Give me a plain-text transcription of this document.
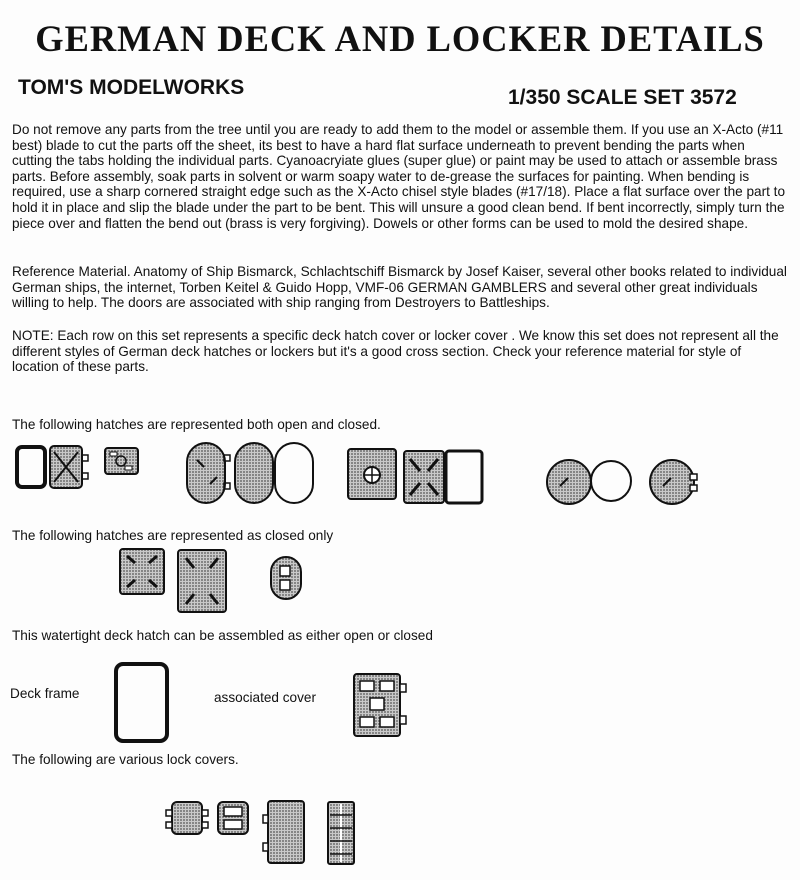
GERMAN DECK AND LOCKER DETAILS
TOM'S MODELWORKS	1/350 SCALE SET 3572
Do not remove any parts from the tree until you are ready to add them to the model or assemble them. If you use an X-Acto (#11 best) blade to cut the parts off the sheet, its best to have a hard flat surface underneath to prevent bending the parts when cutting the tabs holding the individual parts. Cyanoacryiate glues (super glue) or paint may be used to attach or assemble brass parts. Before assembly, soak parts in solvent or warm soapy water to de-grease the surfaces for painting. When bending is required, use a sharp cornered straight edge such as the X-Acto chisel style blades (#17/18). Place a flat surface over the part to hold it in place and slip the blade under the part to be bent. This will unsure a good clean bend. If bent incorrectly, simply turn the piece over and flatten the bend out (brass is very forgiving). Dowels or other forms can be used to mold the desired shape.
Reference Material. Anatomy of Ship Bismarck, Schlachtschiff Bismarck by Josef Kaiser, several other books related to individual German ships, the internet, Torben Keitel & Guido Hopp, VMF-06 GERMAN GAMBLERS and several other great individuals willing to help. The doors are associated with ship ranging from Destroyers to Battleships.
NOTE: Each row on this set represents a specific deck hatch cover or locker cover . We know this set does not represent all the different styles of German deck hatches or lockers but it's a good cross section. Check your reference material for style of location of these parts.
The following hatches are represented both open and closed.
The following hatches are represented as closed only
This watertight deck hatch can be assembled as either open or closed
Deck frame	associated cover
The following are various lock covers.
